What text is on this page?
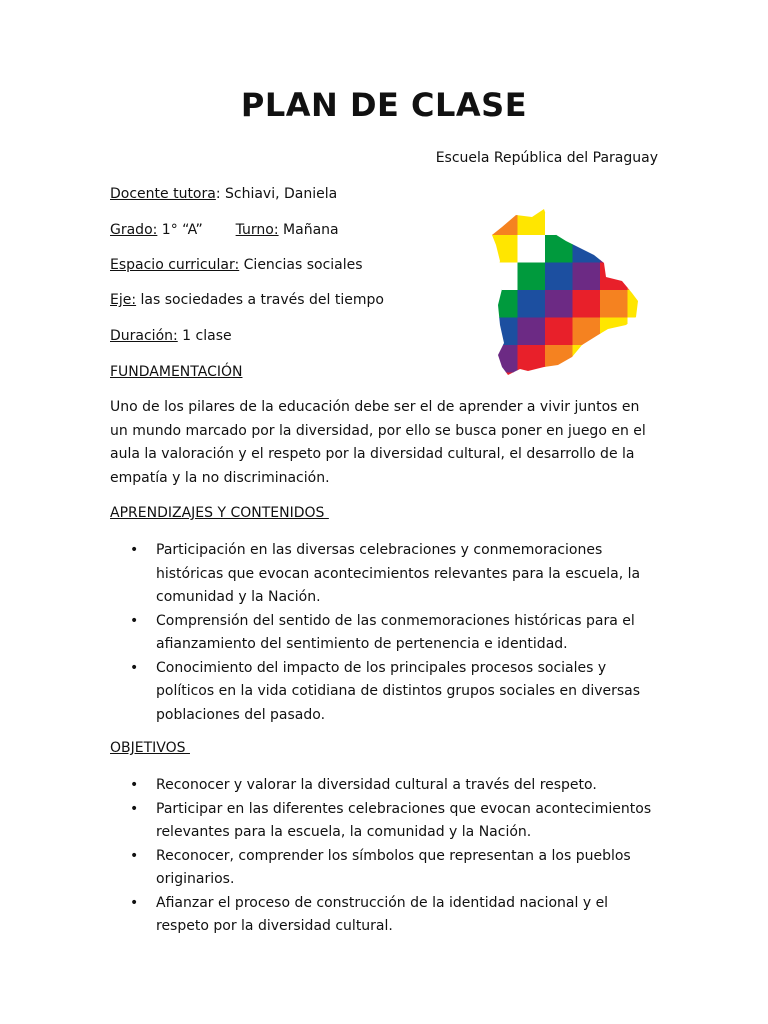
PLAN DE CLASE
Escuela República del Paraguay
Docente tutora: Schiavi, Daniela
Grado: 1° “A” Turno: Mañana
Espacio curricular: Ciencias sociales
Eje: las sociedades a través del tiempo
Duración: 1 clase
FUNDAMENTACIÓN
Uno de los pilares de la educación debe ser el de aprender a vivir juntos en un mundo marcado por la diversidad, por ello se busca poner en juego en el aula la valoración y el respeto por la diversidad cultural, el desarrollo de la empatía y la no discriminación.
APRENDIZAJES Y CONTENIDOS
• Participación en las diversas celebraciones y conmemoraciones históricas que evocan acontecimientos relevantes para la escuela, la comunidad y la Nación.
• Comprensión del sentido de las conmemoraciones históricas para el afianzamiento del sentimiento de pertenencia e identidad.
• Conocimiento del impacto de los principales procesos sociales y políticos en la vida cotidiana de distintos grupos sociales en diversas poblaciones del pasado.
OBJETIVOS
• Reconocer y valorar la diversidad cultural a través del respeto.
• Participar en las diferentes celebraciones que evocan acontecimientos relevantes para la escuela, la comunidad y la Nación.
• Reconocer, comprender los símbolos que representan a los pueblos originarios.
• Afianzar el proceso de construcción de la identidad nacional y el respeto por la diversidad cultural.
